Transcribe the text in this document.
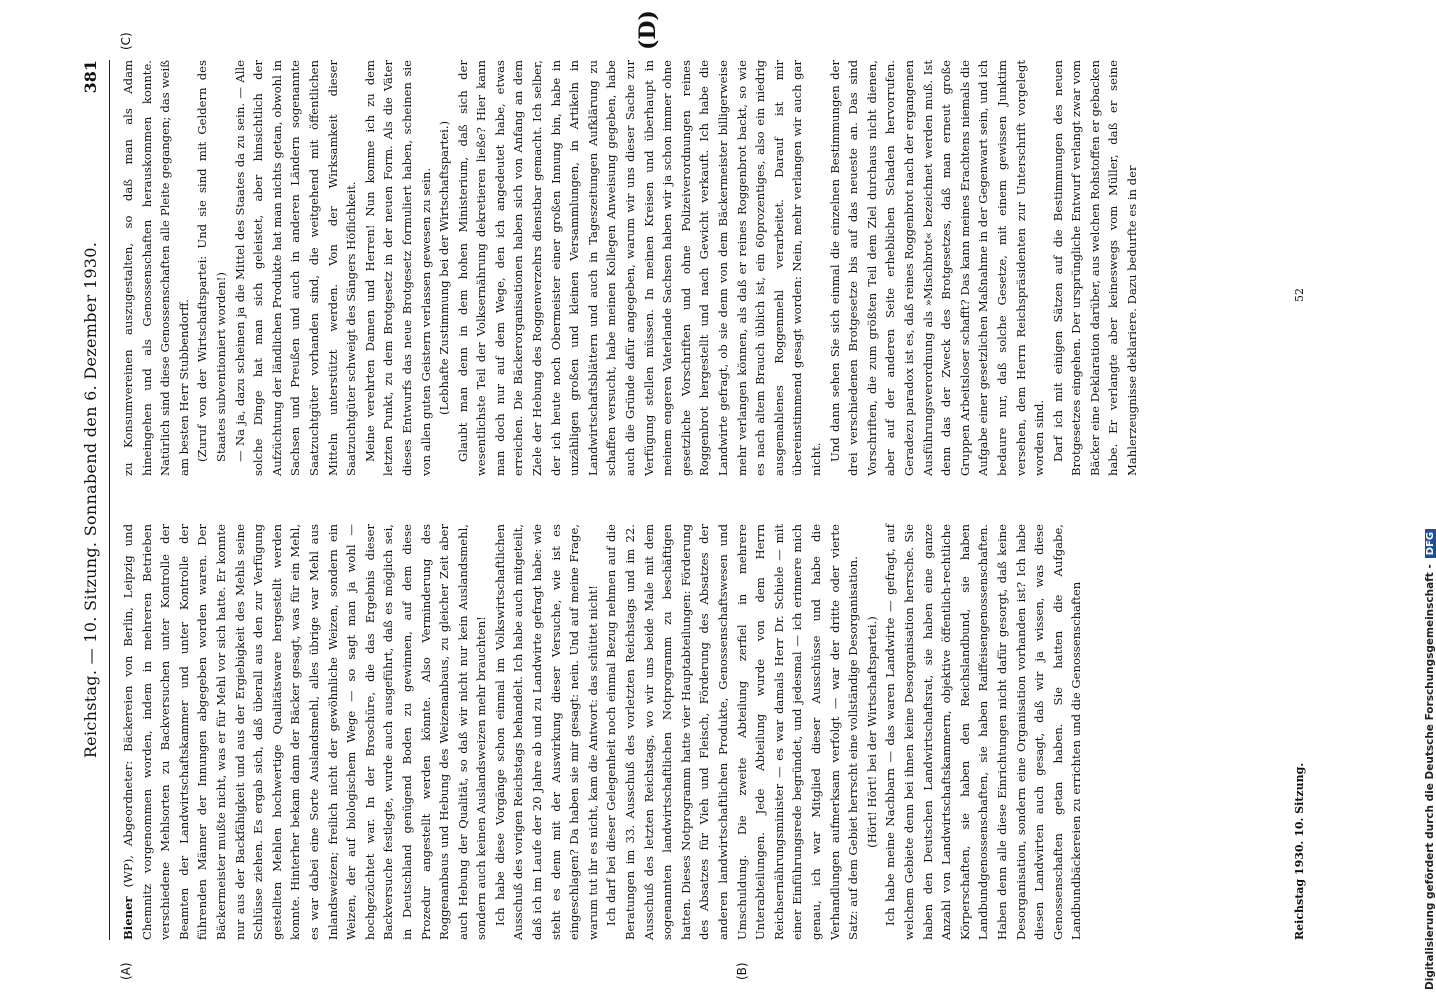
Reichstag. — 10. Sitzung. Sonnabend den 6. Dezember 1930.
381
(A)	(B)
(C)	(D)

Biener (WP), Abgeordneter: Bäckereien von Berlin, Leipzig und Chemnitz vorgenommen worden, indem in mehreren Betrieben verschiedene Mehlsorten zu Backversuchen unter Kontrolle der Beamten der Landwirtschaftskammer und unter Kontrolle der führenden Männer der Innungen abgegeben worden waren. Der Bäckermeister mußte nicht, was er für Mehl vor sich hatte. Er konnte nur aus der Backfähigkeit und aus der Ergiebigkeit des Mehls seine Schlüsse ziehen. Es ergab sich, daß überall aus den zur Verfügung gestellten Mehlen hochwertige Qualitätsware hergestellt werden konnte. Hinterher bekam dann der Bäcker gesagt, was für ein Mehl, es war dabei eine Sorte Auslandsmehl, alles übrige war Mehl aus Inlandsweizen; freilich nicht der gewöhnliche Weizen, sondern ein Weizen, der auf biologischem Wege — so sagt man ja wohl — hochgezüchtet war. In der Broschüre, die das Ergebnis dieser Backversuche festlegte, wurde auch ausgeführt, daß es möglich sei, in Deutschland genügend Boden zu gewinnen, auf dem diese Prozedur angestellt werden könnte. Also Verminderung des Roggenanbaus und Hebung des Weizenanbaus, zu gleicher Zeit aber auch Hebung der Qualität, so daß wir nicht nur kein Auslandsmehl, sondern auch keinen Auslandsweizen mehr brauchten! Ich habe diese Vorgänge schon einmal im Volkswirtschaftlichen Ausschuß des vorigen Reichstags behandelt. Ich habe auch mitgeteilt, daß ich im Laufe der 20 Jahre ab und zu Landwirte gefragt habe: wie steht es denn mit der Auswirkung dieser Versuche, wie ist es eingeschlagen? Da haben sie mir gesagt: nein. Und auf meine Frage, warum tut ihr es nicht, kam die Antwort: das schüttet nicht! Ich darf bei dieser Gelegenheit noch einmal Bezug nehmen auf die Beratungen im 33. Ausschuß des vorletzten Reichstags und im 22. Ausschuß des letzten Reichstags, wo wir uns beide Male mit dem sogenannten landwirtschaftlichen Notprogramm zu beschäftigen hatten. Dieses Notprogramm hatte vier Hauptabteilungen: Förderung des Absatzes für Vieh und Fleisch, Förderung des Absatzes der anderen landwirtschaftlichen Produkte, Genossenschaftswesen und Umschuldung. Die zweite Abteilung zerfiel in mehrere Unterabteilungen. Jede Abteilung wurde von dem Herrn Reichsernährungsminister — es war damals Herr Dr. Schiele — mit einer Einführungsrede begründet, und jedesmal — ich erinnere mich genau, ich war Mitglied dieser Ausschüsse und habe die Verhandlungen aufmerksam verfolgt — war der dritte oder vierte Satz: auf dem Gebiet herrscht eine vollständige Desorganisation. (Hört! Hört! bei der Wirtschaftspartei.) Ich habe meine Nachbarn — das waren Landwirte — gefragt, auf welchem Gebiete denn bei ihnen keine Desorganisation herrsche. Sie haben den Deutschen Landwirtschaftsrat, sie haben eine ganze Anzahl von Landwirtschaftskammern, objektive öffentlich-rechtliche Körperschaften, sie haben den Reichslandbund, sie haben Landbundgenossenschaften, sie haben Raiffeisengenossenschaften. Haben denn alle diese Einrichtungen nicht dafür gesorgt, daß keine Desorganisation, sondern eine Organisation vorhanden ist? Ich habe diesen Landwirten auch gesagt, daß wir ja wissen, was diese Genossenschaften getan haben. Sie hatten die Aufgabe, Landbundbäckereien zu errichten und die Genossenschaften

zu Konsumvereinen auszugestalten, so daß man als Adam hineingehen und als Genossenschaften herauskommen konnte. Natürlich sind diese Genossenschaften alle Pleite gegangen; das weiß am besten Herr Stubbendorff. (Zuruf von der Wirtschaftspartei: Und sie sind mit Geldern des Staates subventioniert worden!) — Na ja, dazu scheinen ja die Mittel des Staates da zu sein. — Alle solche Dinge hat man sich geleistet, aber hinsichtlich der Aufzüchtung der ländlichen Produkte hat man nichts getan, obwohl in Sachsen und Preußen und auch in anderen Ländern sogenannte Saatzuchtgüter vorhanden sind, die weitgehend mit öffentlichen Mitteln unterstützt werden. Von der Wirksamkeit dieser Saatzuchtgüter schweigt des Sängers Höflichkeit. Meine verehrten Damen und Herren! Nun komme ich zu dem letzten Punkt, zu dem Brotgesetz in der neuen Form. Als die Väter dieses Entwurfs das neue Brotgesetz formuliert haben, scheinen sie von allen guten Geistern verlassen gewesen zu sein. (Lebhafte Zustimmung bei der Wirtschaftspartei.) Glaubt man denn in dem hohen Ministerium, daß sich der wesentlichste Teil der Volksernährung dekretieren ließe? Hier kann man doch nur auf dem Wege, den ich angedeutet habe, etwas erreichen. Die Bäckerorganisationen haben sich von Anfang an dem Ziele der Hebung des Roggenverzehrs dienstbar gemacht. Ich selber, der ich heute noch Obermeister einer großen Innung bin, habe in unzähligen großen und kleinen Versammlungen, in Artikeln in Landwirtschaftsblättern und auch in Tageszeitungen Aufklärung zu schaffen versucht, habe meinen Kollegen Anweisung gegeben, habe auch die Gründe dafür angegeben, warum wir uns dieser Sache zur Verfügung stellen müssen. In meinen Kreisen und überhaupt in meinem engeren Vaterlande Sachsen haben wir ja schon immer ohne gesetzliche Vorschriften und ohne Polizeiverordnungen reines Roggenbrot hergestellt und nach Gewicht verkauft. Ich habe die Landwirte gefragt, ob sie denn von dem Bäckermeister billigerweise mehr verlangen können, als daß er reines Roggenbrot backt, so wie es nach altem Brauch üblich ist, ein 60prozentiges, also ein niedrig ausgemahlenes Roggenmehl verarbeitet. Darauf ist mir übereinstimmend gesagt worden: Nein, mehr verlangen wir auch gar nicht. Und dann sehen Sie sich einmal die einzelnen Bestimmungen der drei verschiedenen Brotgesetze bis auf das neueste an. Das sind Vorschriften, die zum größten Teil dem Ziel durchaus nicht dienen, aber auf der anderen Seite erheblichen Schaden hervorrufen. Geradezu paradox ist es, daß reines Roggenbrot nach der ergangenen Ausführungsverordnung als »Mischbrot« bezeichnet werden muß. Ist denn das der Zweck des Brotgesetzes, daß man erneut große Gruppen Arbeitsloser schafft? Das kann meines Erachtens niemals die Aufgabe einer gesetzlichen Maßnahme in der Gegenwart sein, und ich bedaure nur, daß solche Gesetze, mit einem gewissen Junktim versehen, dem Herrn Reichspräsidenten zur Unterschrift vorgelegt worden sind. Darf ich mit einigen Sätzen auf die Bestimmungen des neuen Brotgesetzes eingehen. Der ursprüngliche Entwurf verlangt zwar vom Bäcker eine Deklaration darüber, aus welchen Rohstoffen er gebacken habe. Er verlangte aber keineswegs vom Müller, daß er seine Mahlerzeugnisse deklariere. Dazu bedurfte es in der

Reichstag 1930. 10. Sitzung.
52
Digitalisierung gefördert durch die Deutsche Forschungsgemeinschaft -DFG
